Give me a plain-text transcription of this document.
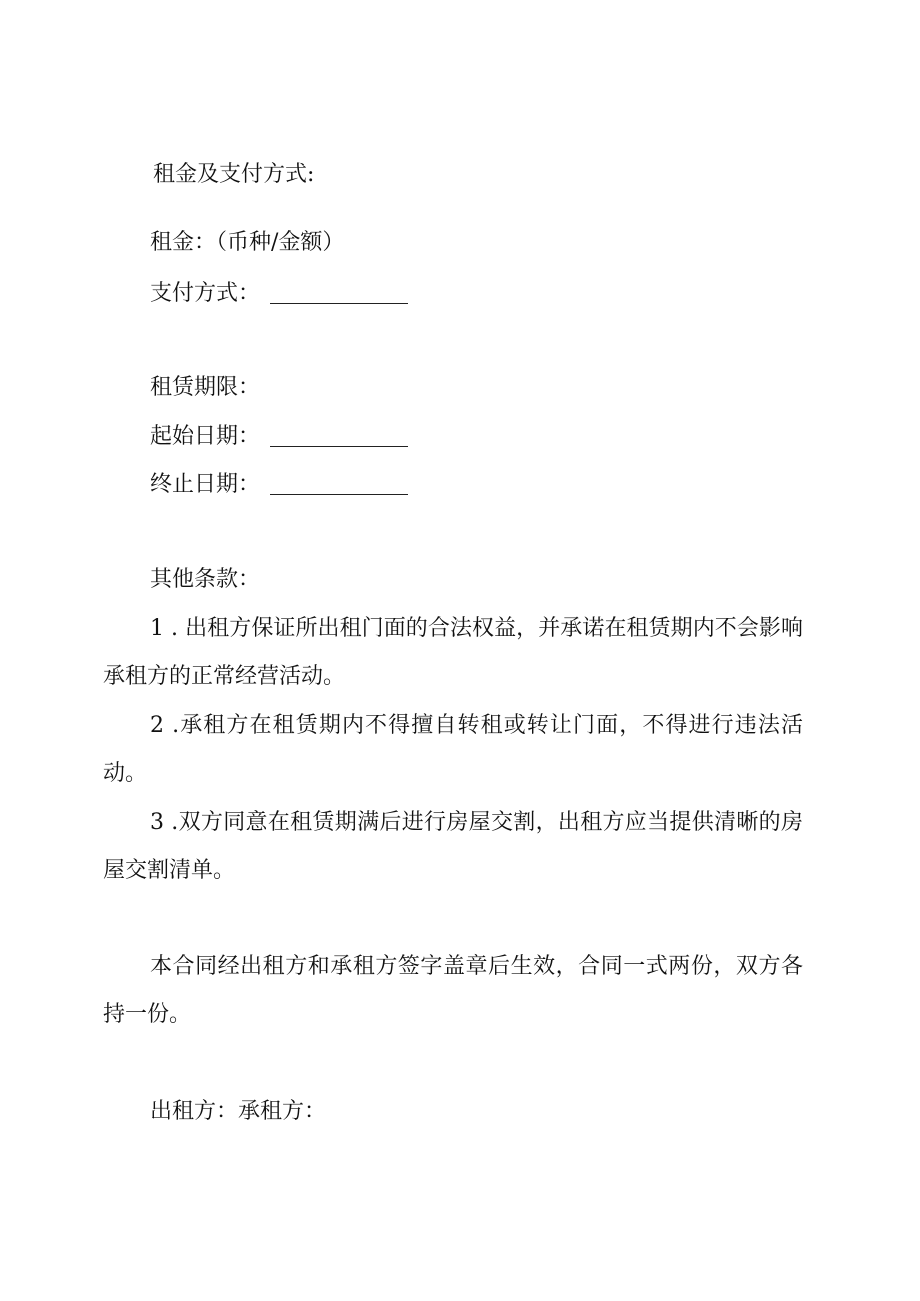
租金及支付方式:
租金：（币种/金额）
支付方式：
租赁期限：
起始日期：
终止日期：
其他条款：
1 . 出租方保证所出租门面的合法权益，并承诺在租赁期内不会影响承租方的正常经营活动。
2 .承租方在租赁期内不得擅自转租或转让门面，不得进行违法活动。
3 .双方同意在租赁期满后进行房屋交割，出租方应当提供清晰的房屋交割清单。
本合同经出租方和承租方签字盖章后生效，合同一式两份，双方各持一份。
出租方：承租方：
